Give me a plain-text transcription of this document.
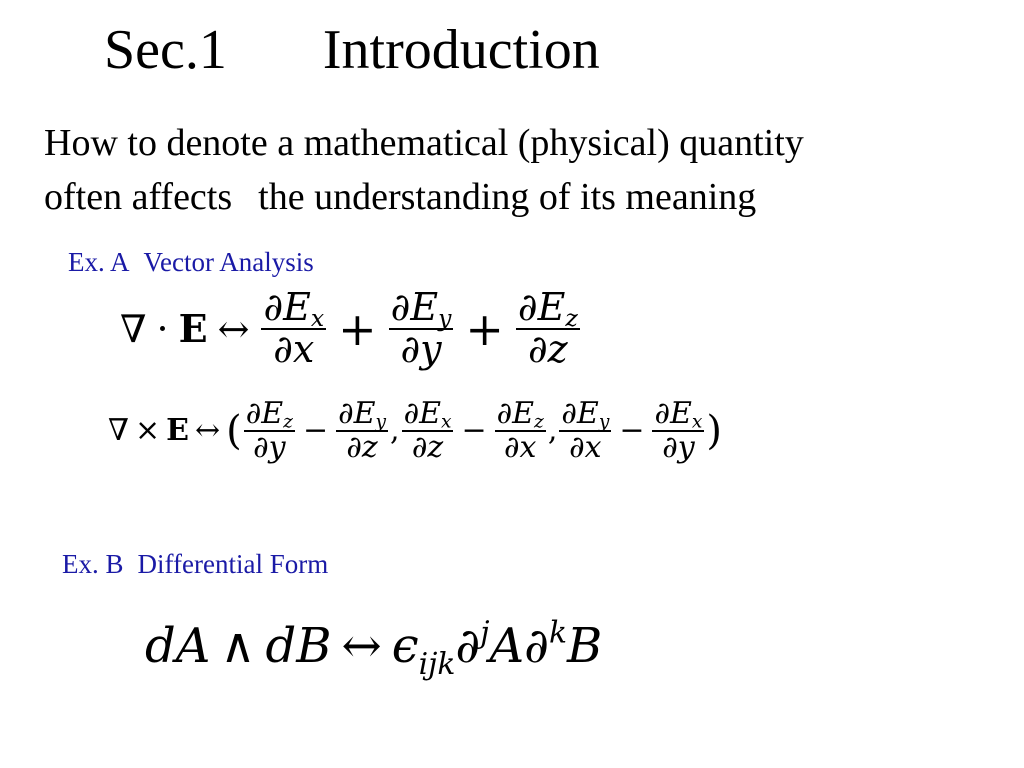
Sec.1 Introduction
How to denote a mathematical (physical) quantity
often affects the understanding of its meaning
Ex. A Vector Analysis
∇ · E ↔ $\frac{\partial E_x}{\partial x} + \frac{\partial E_y}{\partial y} + \frac{\partial E_z}{\partial z}$
∇ × E ↔ ( $\frac{\partial E_z}{\partial y} - \frac{\partial E_y}{\partial z}$ , $\frac{\partial E_x}{\partial z} - \frac{\partial E_z}{\partial x}$ , $\frac{\partial E_y}{\partial x} - \frac{\partial E_x}{\partial y}$ )
Ex. B Differential Form
dA ∧ dB ↔ $\epsilon_{ijk}$ ∂$^j$ A ∂$^k$ B
